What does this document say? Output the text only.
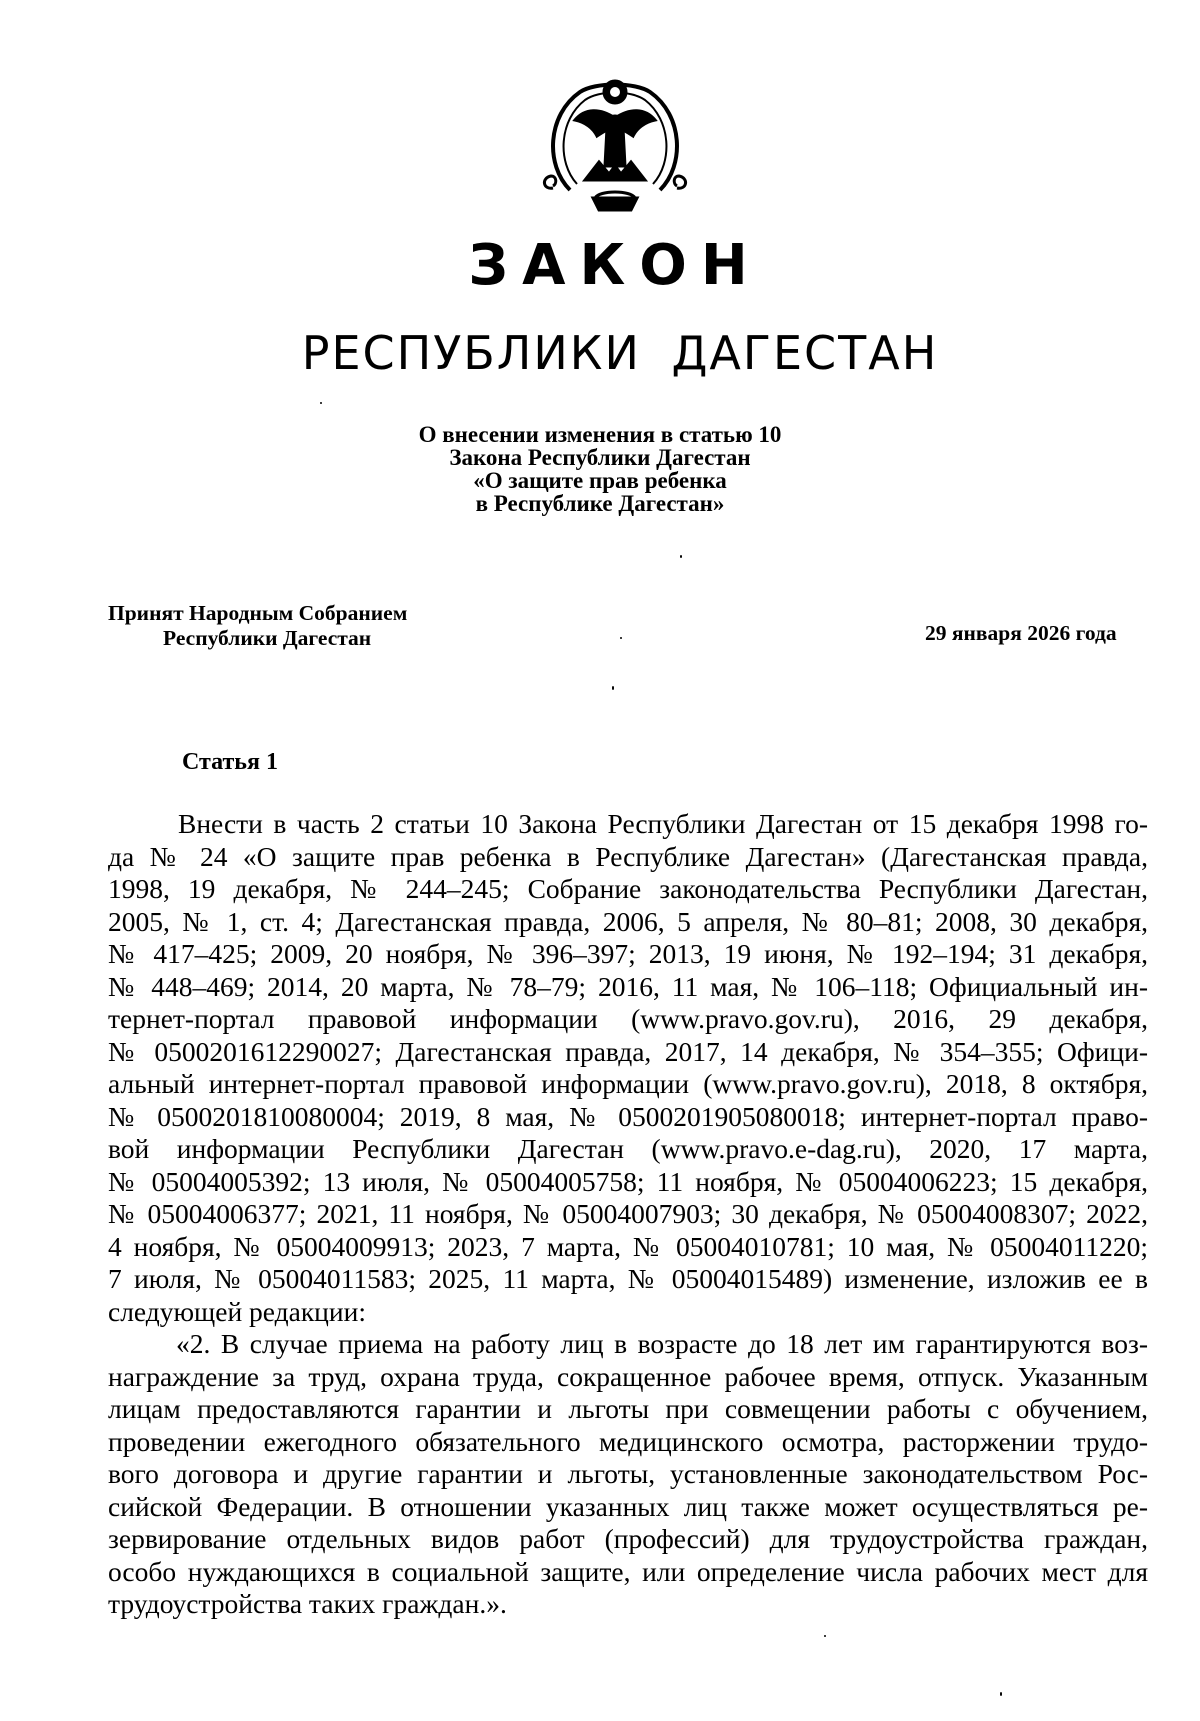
ЗАКОН
РЕСПУБЛИКИ ДАГЕСТАН
О внесении изменения в статью 10
Закона Республики Дагестан
«О защите прав ребенка
в Республике Дагестан»
Принят Народным Собранием
Республики Дагестан	29 января 2026 года
Статья 1
Внести в часть 2 статьи 10 Закона Республики Дагестан от 15 декабря 1998 го-
да № 24 «О защите прав ребенка в Республике Дагестан» (Дагестанская правда,
1998, 19 декабря, № 244–245; Собрание законодательства Республики Дагестан,
2005, № 1, ст. 4; Дагестанская правда, 2006, 5 апреля, № 80–81; 2008, 30 декабря,
№ 417–425; 2009, 20 ноября, № 396–397; 2013, 19 июня, № 192–194; 31 декабря,
№ 448–469; 2014, 20 марта, № 78–79; 2016, 11 мая, № 106–118; Официальный ин-
тернет-портал правовой информации (www.pravo.gov.ru), 2016, 29 декабря,
№ 0500201612290027; Дагестанская правда, 2017, 14 декабря, № 354–355; Офици-
альный интернет-портал правовой информации (www.pravo.gov.ru), 2018, 8 октября,
№ 0500201810080004; 2019, 8 мая, № 0500201905080018; интернет-портал право-
вой информации Республики Дагестан (www.pravo.e-dag.ru), 2020, 17 марта,
№ 05004005392; 13 июля, № 05004005758; 11 ноября, № 05004006223; 15 декабря,
№ 05004006377; 2021, 11 ноября, № 05004007903; 30 декабря, № 05004008307; 2022,
4 ноября, № 05004009913; 2023, 7 марта, № 05004010781; 10 мая, № 05004011220;
7 июля, № 05004011583; 2025, 11 марта, № 05004015489) изменение, изложив ее в
следующей редакции:
«2. В случае приема на работу лиц в возрасте до 18 лет им гарантируются воз-
награждение за труд, охрана труда, сокращенное рабочее время, отпуск. Указанным
лицам предоставляются гарантии и льготы при совмещении работы с обучением,
проведении ежегодного обязательного медицинского осмотра, расторжении трудо-
вого договора и другие гарантии и льготы, установленные законодательством Рос-
сийской Федерации. В отношении указанных лиц также может осуществляться ре-
зервирование отдельных видов работ (профессий) для трудоустройства граждан,
особо нуждающихся в социальной защите, или определение числа рабочих мест для
трудоустройства таких граждан.».
